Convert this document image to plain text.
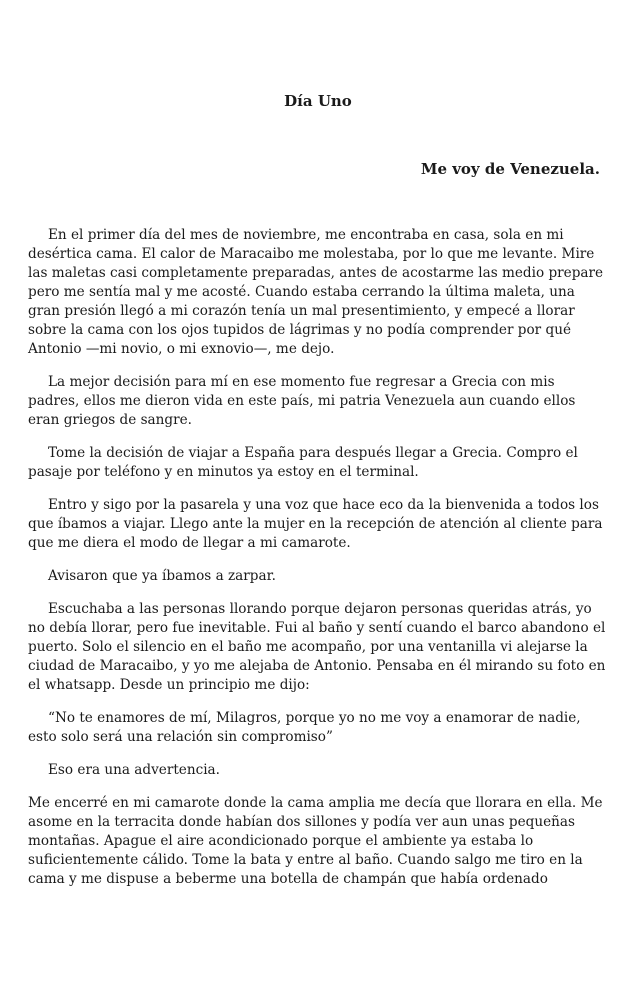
Día Uno
Me voy de Venezuela.

En el primer día del mes de noviembre, me encontraba en casa, sola en mi desértica cama. El calor de Maracaibo me molestaba, por lo que me levante. Mire las maletas casi completamente preparadas, antes de acostarme las medio prepare pero me sentía mal y me acosté. Cuando estaba cerrando la última maleta, una gran presión llegó a mi corazón tenía un mal presentimiento, y empecé a llorar sobre la cama con los ojos tupidos de lágrimas y no podía comprender por qué Antonio —mi novio, o mi exnovio—, me dejo.

La mejor decisión para mí en ese momento fue regresar a Grecia con mis padres, ellos me dieron vida en este país, mi patria Venezuela aun cuando ellos eran griegos de sangre.

Tome la decisión de viajar a España para después llegar a Grecia. Compro el pasaje por teléfono y en minutos ya estoy en el terminal.

Entro y sigo por la pasarela y una voz que hace eco da la bienvenida a todos los que íbamos a viajar. Llego ante la mujer en la recepción de atención al cliente para que me diera el modo de llegar a mi camarote.

Avisaron que ya íbamos a zarpar.

Escuchaba a las personas llorando porque dejaron personas queridas atrás, yo no debía llorar, pero fue inevitable. Fui al baño y sentí cuando el barco abandono el puerto. Solo el silencio en el baño me acompaño, por una ventanilla vi alejarse la ciudad de Maracaibo, y yo me alejaba de Antonio. Pensaba en él mirando su foto en el whatsapp. Desde un principio me dijo:

“No te enamores de mí, Milagros, porque yo no me voy a enamorar de nadie, esto solo será una relación sin compromiso”

Eso era una advertencia.

Me encerré en mi camarote donde la cama amplia me decía que llorara en ella. Me asome en la terracita donde habían dos sillones y podía ver aun unas pequeñas montañas. Apague el aire acondicionado porque el ambiente ya estaba lo suficientemente cálido. Tome la bata y entre al baño. Cuando salgo me tiro en la cama y me dispuse a beberme una botella de champán que había ordenado
